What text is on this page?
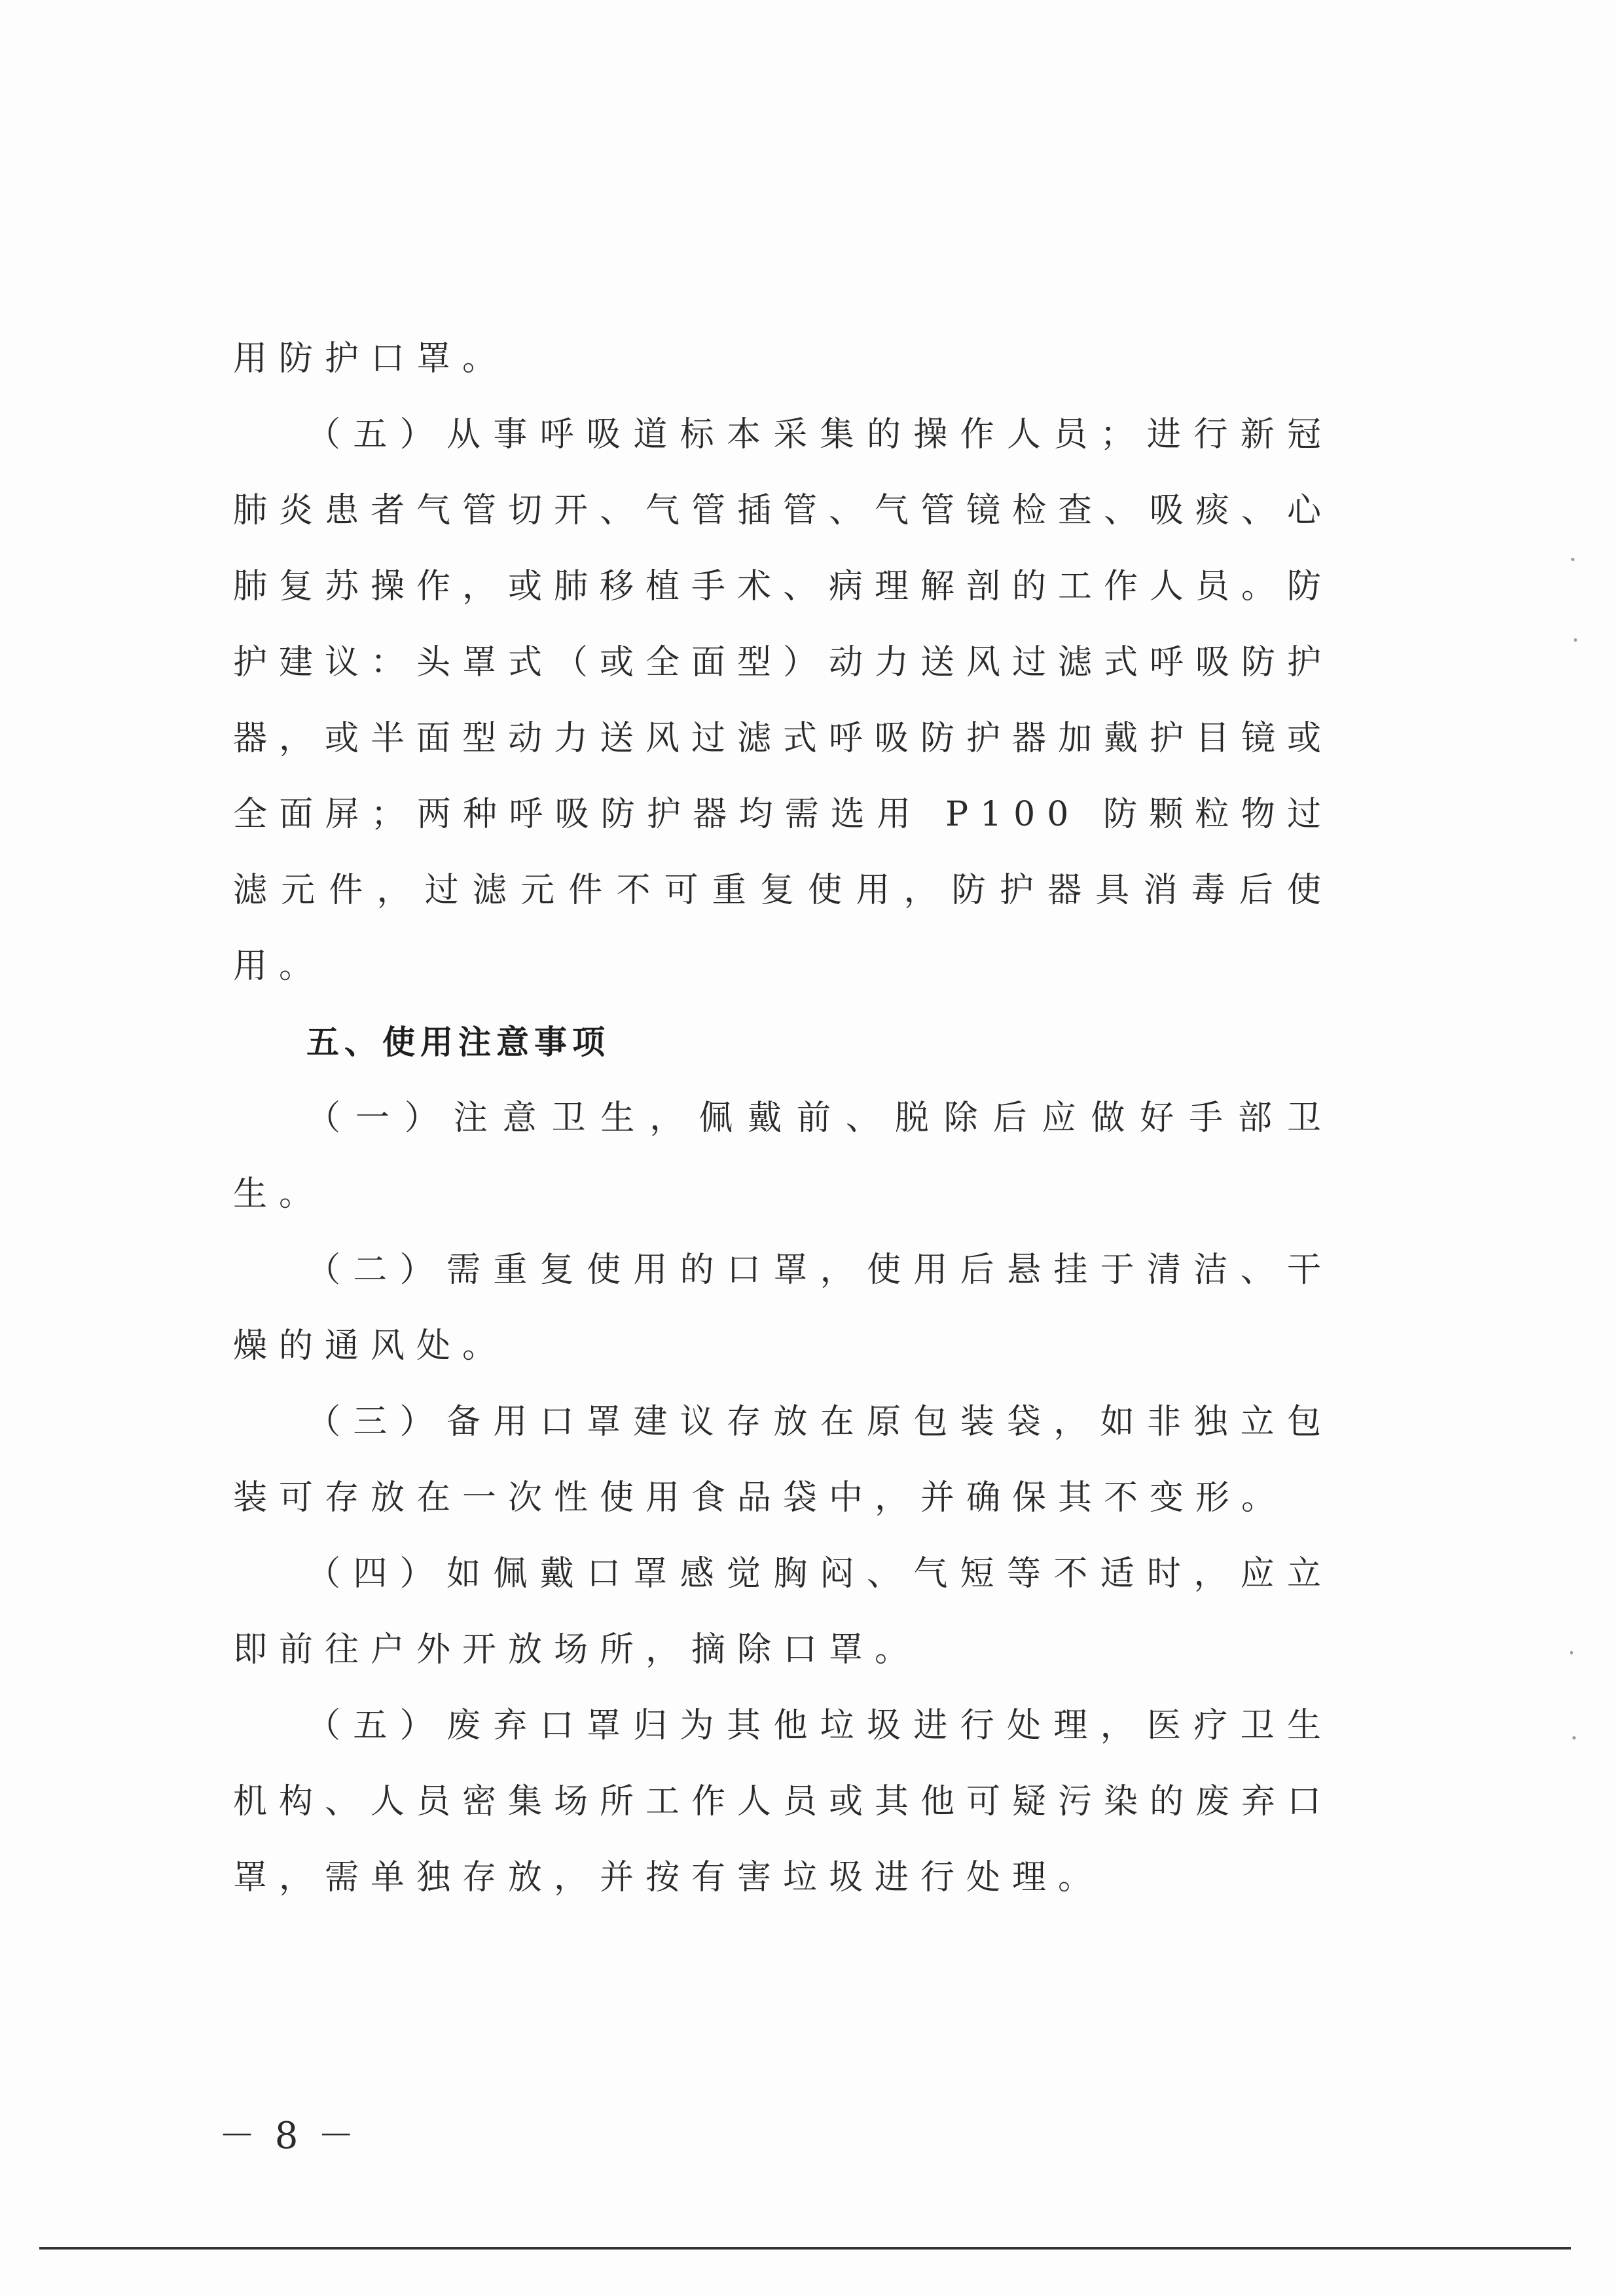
用防护口罩。

（五）从事呼吸道标本采集的操作人员；进行新冠肺炎患者气管切开、气管插管、气管镜检查、吸痰、心肺复苏操作，或肺移植手术、病理解剖的工作人员。防护建议：头罩式（或全面型）动力送风过滤式呼吸防护器，或半面型动力送风过滤式呼吸防护器加戴护目镜或全面屏；两种呼吸防护器均需选用 P100 防颗粒物过滤元件，过滤元件不可重复使用，防护器具消毒后使用。

五、使用注意事项

（一）注意卫生，佩戴前、脱除后应做好手部卫生。

（二）需重复使用的口罩，使用后悬挂于清洁、干燥的通风处。

（三）备用口罩建议存放在原包装袋，如非独立包装可存放在一次性使用食品袋中，并确保其不变形。

（四）如佩戴口罩感觉胸闷、气短等不适时，应立即前往户外开放场所，摘除口罩。

（五）废弃口罩归为其他垃圾进行处理，医疗卫生机构、人员密集场所工作人员或其他可疑污染的废弃口罩，需单独存放，并按有害垃圾进行处理。

－ 8 －
